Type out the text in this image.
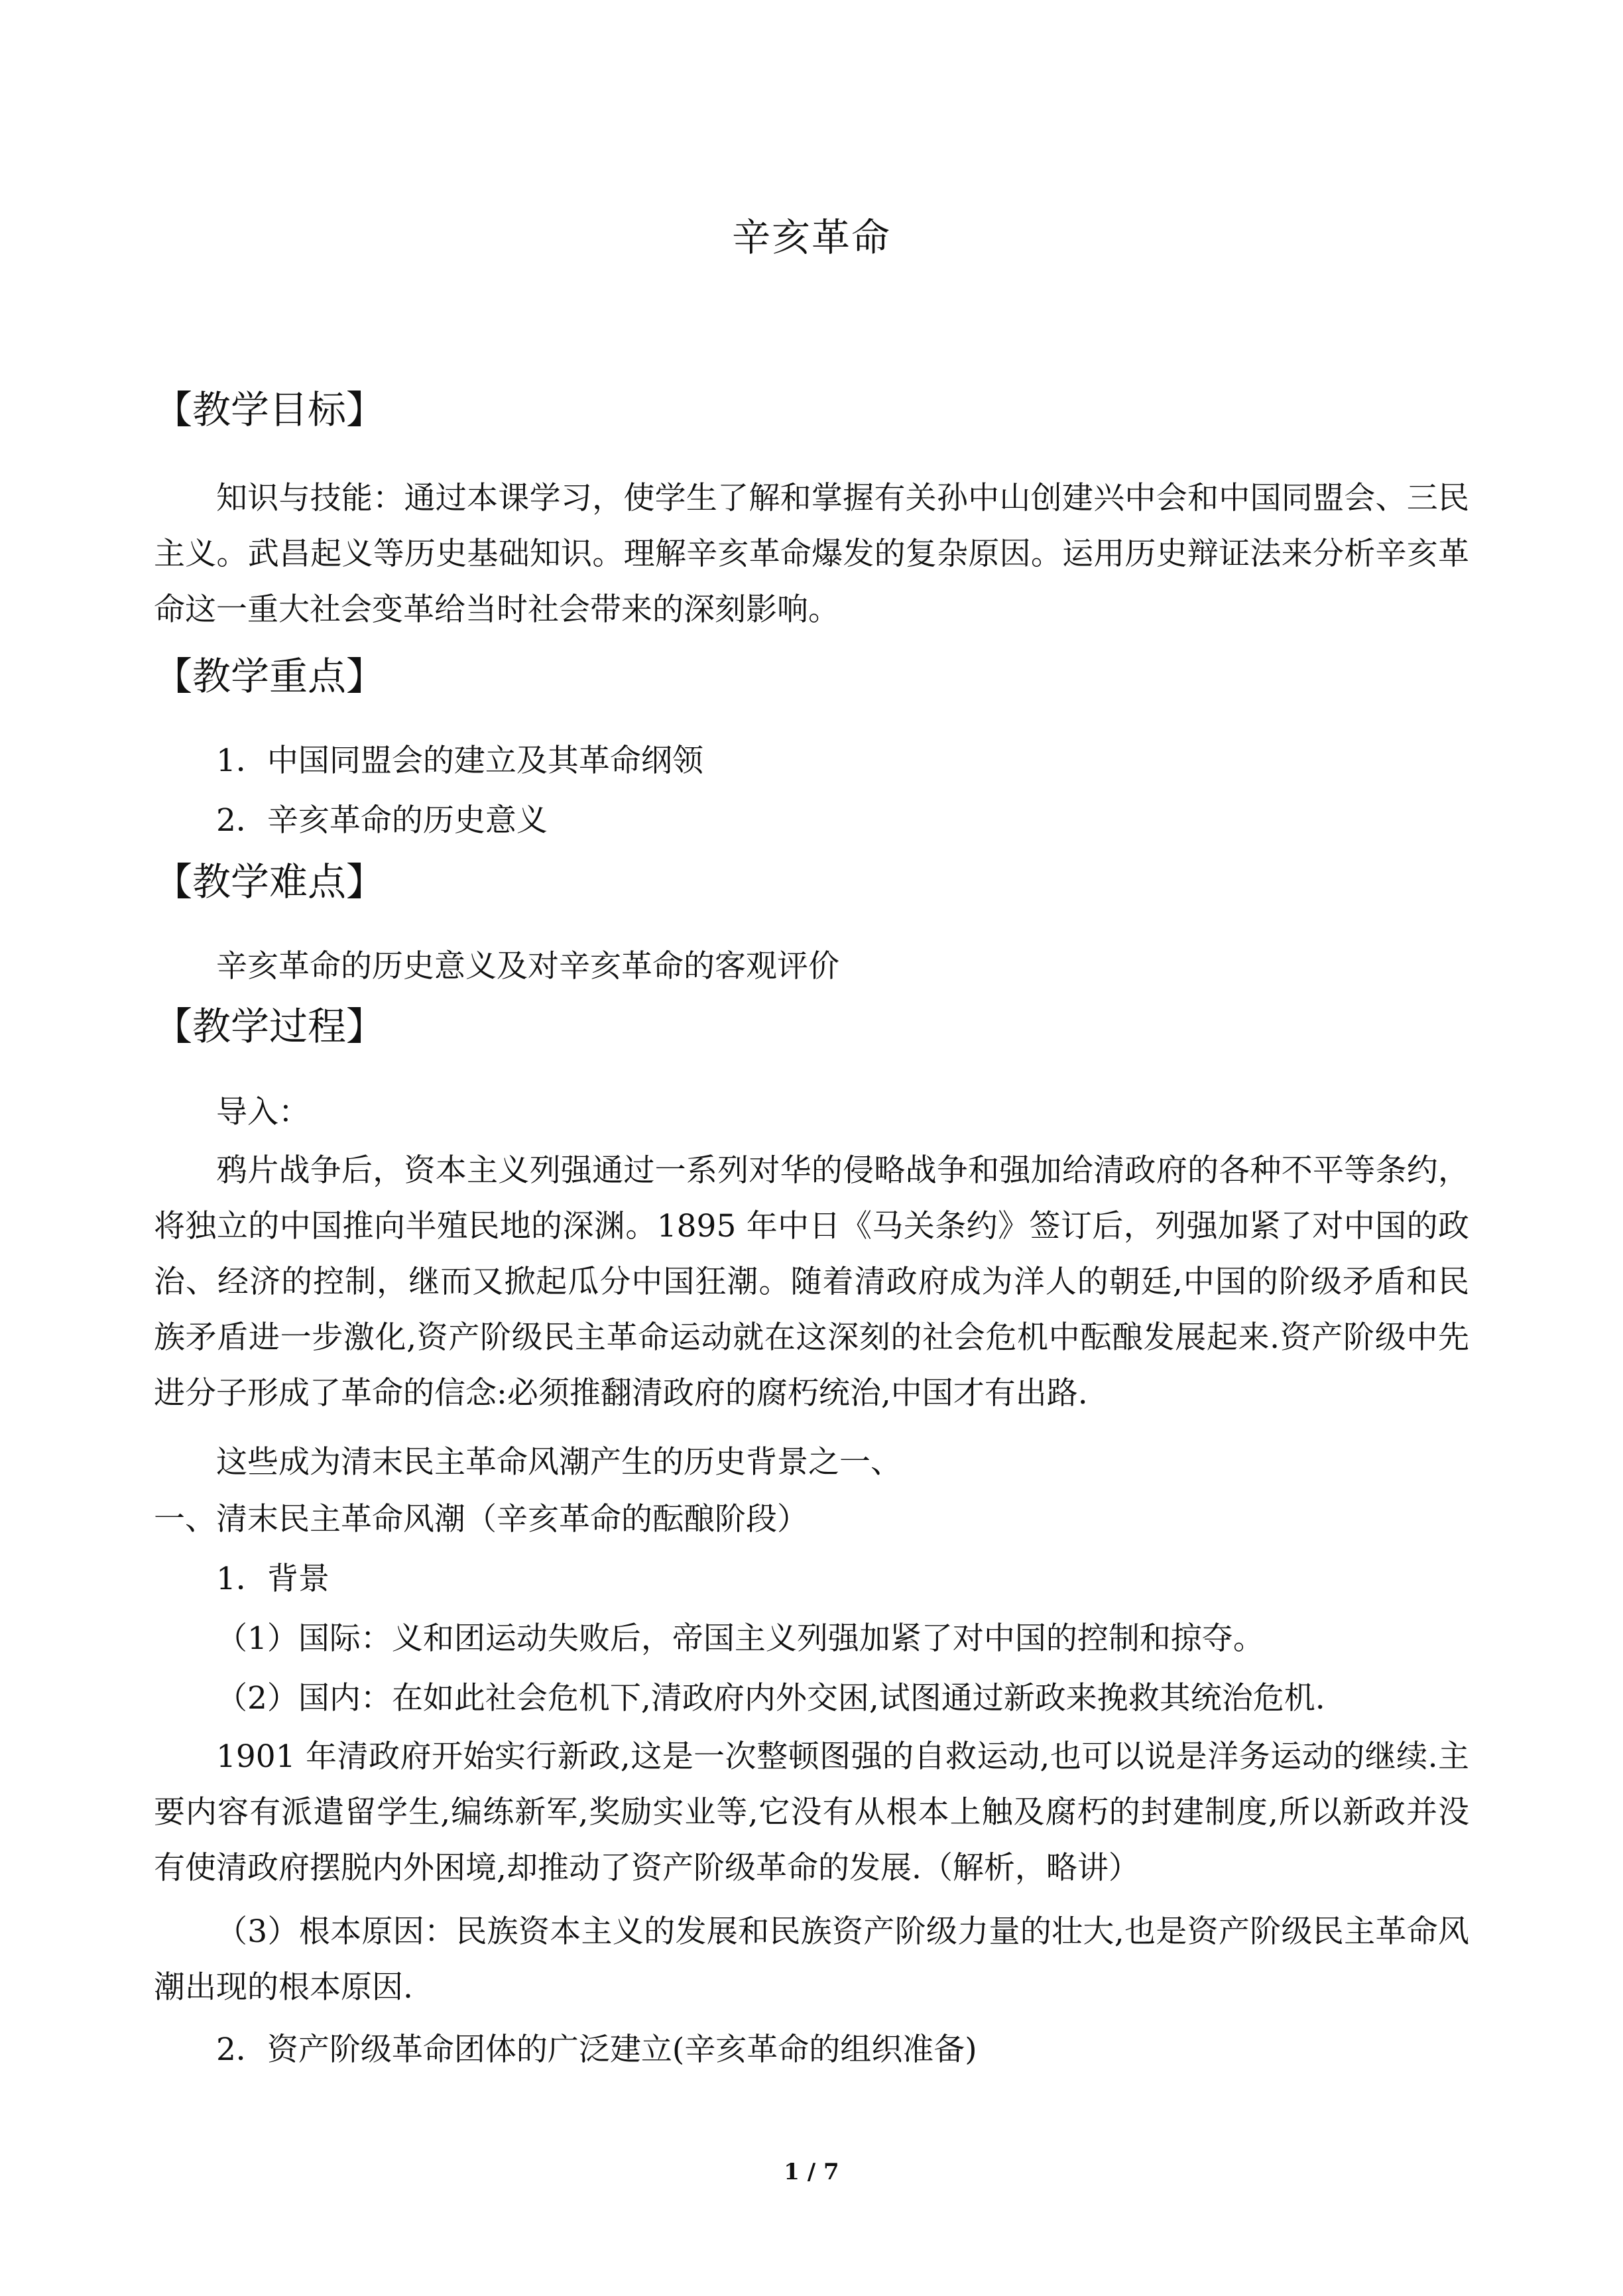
辛亥革命
【教学目标】

知识与技能：通过本课学习，使学生了解和掌握有关孙中山创建兴中会和中国同盟会、三民主义。武昌起义等历史基础知识。理解辛亥革命爆发的复杂原因。运用历史辩证法来分析辛亥革命这一重大社会变革给当时社会带来的深刻影响。

【教学重点】

1．中国同盟会的建立及其革命纲领

2．辛亥革命的历史意义

【教学难点】

辛亥革命的历史意义及对辛亥革命的客观评价

【教学过程】

导入：

鸦片战争后，资本主义列强通过一系列对华的侵略战争和强加给清政府的各种不平等条约，将独立的中国推向半殖民地的深渊。1895 年中日《马关条约》签订后，列强加紧了对中国的政治、经济的控制，继而又掀起瓜分中国狂潮。随着清政府成为洋人的朝廷,中国的阶级矛盾和民族矛盾进一步激化,资产阶级民主革命运动就在这深刻的社会危机中酝酿发展起来.资产阶级中先进分子形成了革命的信念:必须推翻清政府的腐朽统治,中国才有出路.

这些成为清末民主革命风潮产生的历史背景之一、

一、清末民主革命风潮（辛亥革命的酝酿阶段）

1．背景

（1）国际：义和团运动失败后，帝国主义列强加紧了对中国的控制和掠夺。

（2）国内：在如此社会危机下,清政府内外交困,试图通过新政来挽救其统治危机.

1901 年清政府开始实行新政,这是一次整顿图强的自救运动,也可以说是洋务运动的继续.主要内容有派遣留学生,编练新军,奖励实业等,它没有从根本上触及腐朽的封建制度,所以新政并没有使清政府摆脱内外困境,却推动了资产阶级革命的发展.（解析，略讲）

（3）根本原因：民族资本主义的发展和民族资产阶级力量的壮大,也是资产阶级民主革命风潮出现的根本原因.

2．资产阶级革命团体的广泛建立(辛亥革命的组织准备)

1 / 7
